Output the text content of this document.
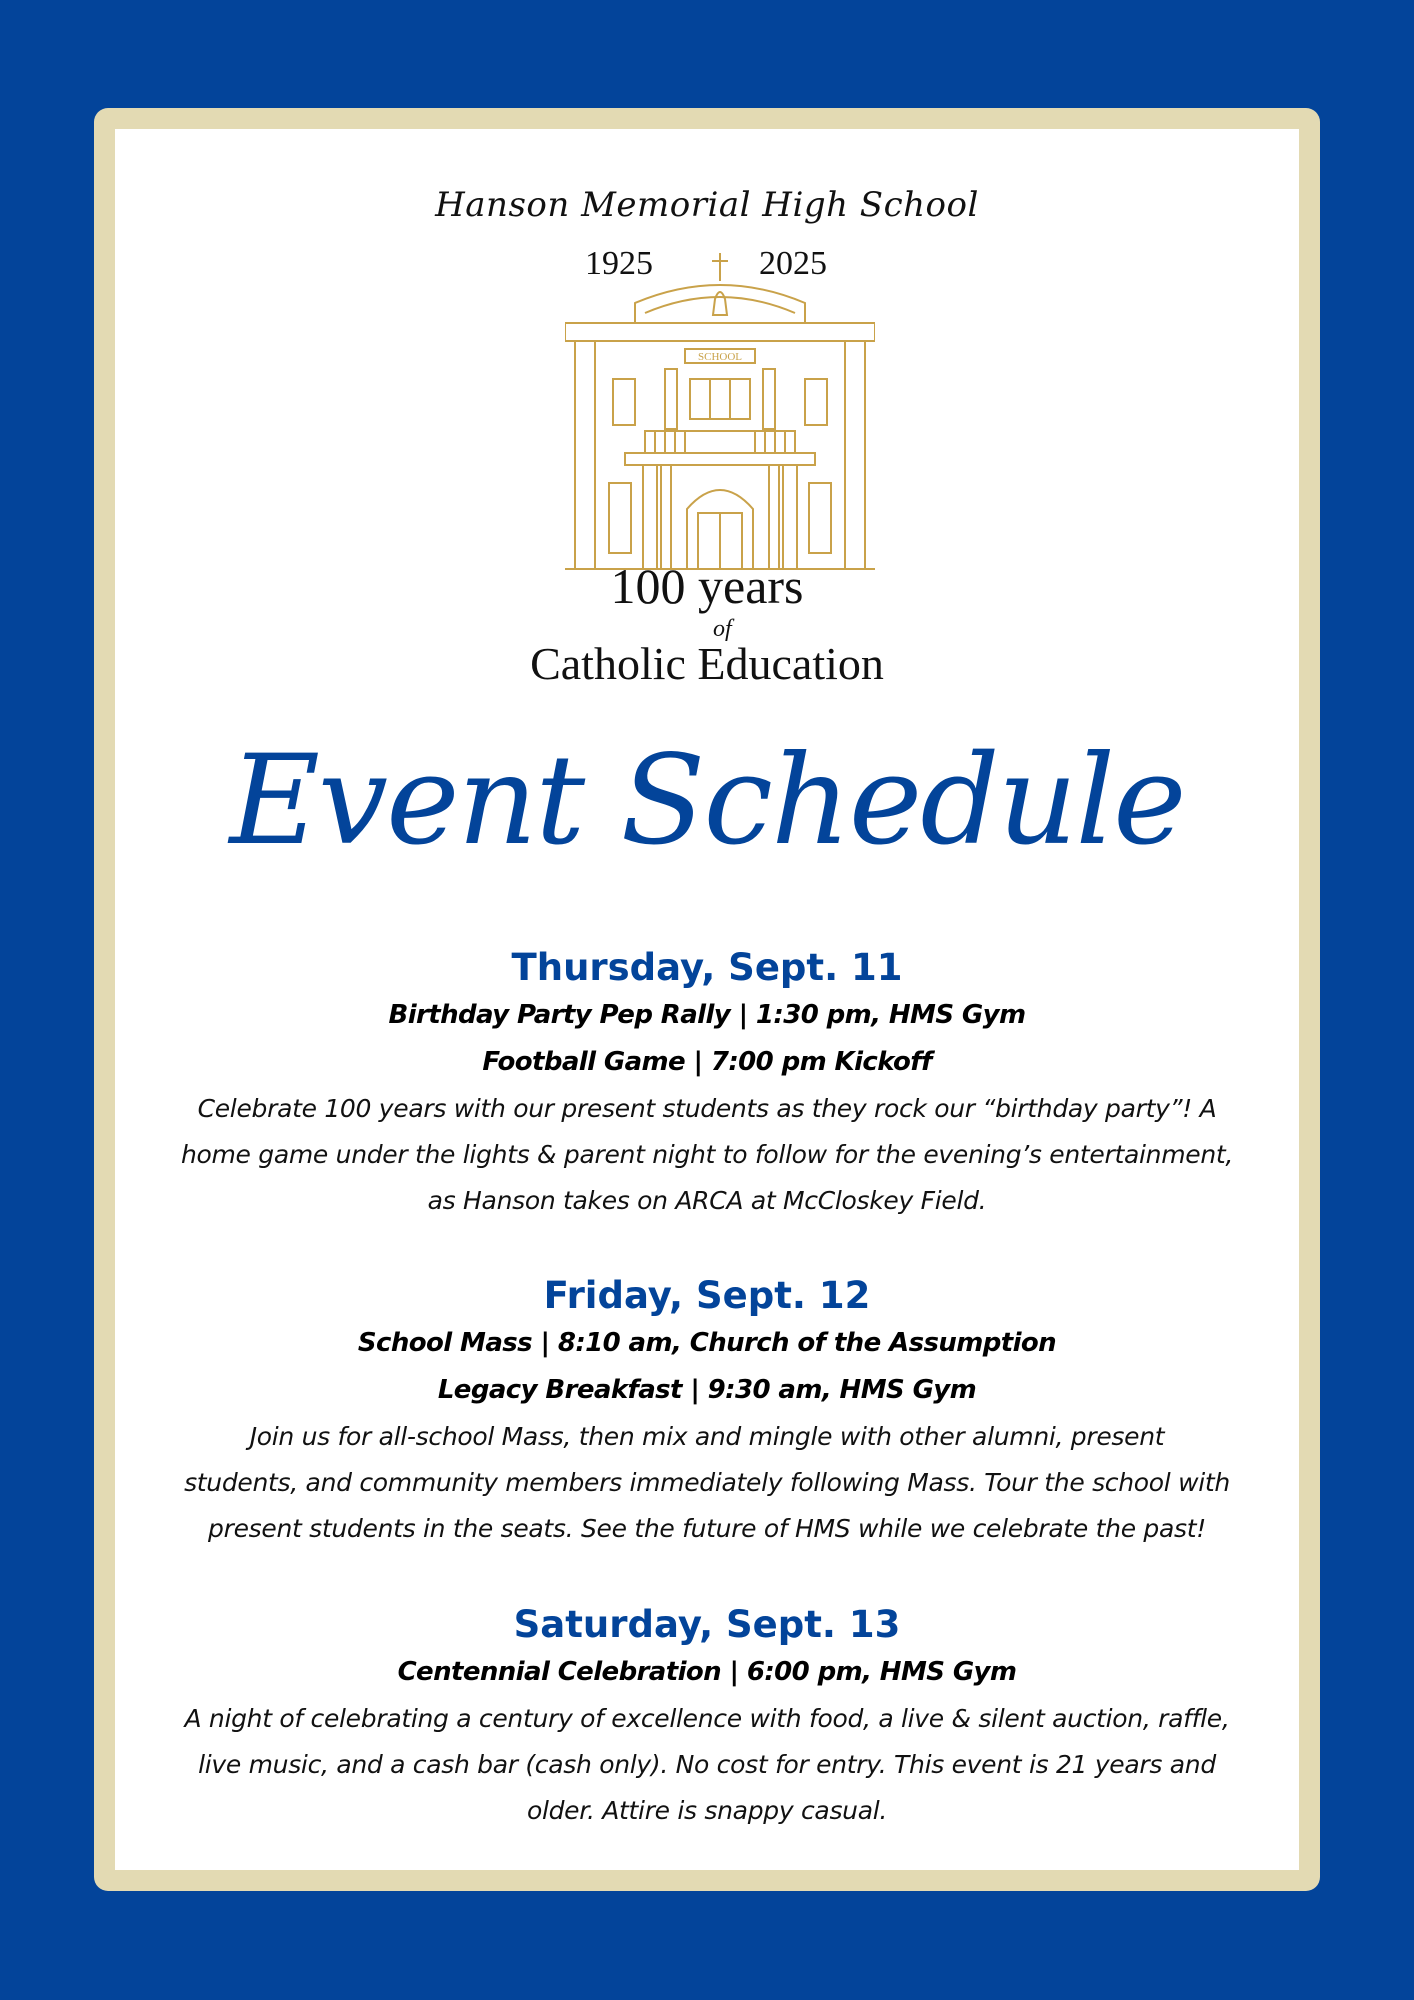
Hanson Memorial High School
1925	2025
SCHOOL
100 years
of
Catholic Education
Event Schedule
Thursday, Sept. 11
Birthday Party Pep Rally | 1:30 pm, HMS Gym
Football Game | 7:00 pm Kickoff
Celebrate 100 years with our present students as they rock our “birthday party”! A
home game under the lights & parent night to follow for the evening’s entertainment,
as Hanson takes on ARCA at McCloskey Field.
Friday, Sept. 12
School Mass | 8:10 am, Church of the Assumption
Legacy Breakfast | 9:30 am, HMS Gym
Join us for all-school Mass, then mix and mingle with other alumni, present
students, and community members immediately following Mass. Tour the school with
present students in the seats. See the future of HMS while we celebrate the past!
Saturday, Sept. 13
Centennial Celebration | 6:00 pm, HMS Gym
A night of celebrating a century of excellence with food, a live & silent auction, raffle,
live music, and a cash bar (cash only). No cost for entry. This event is 21 years and
older. Attire is snappy casual.
